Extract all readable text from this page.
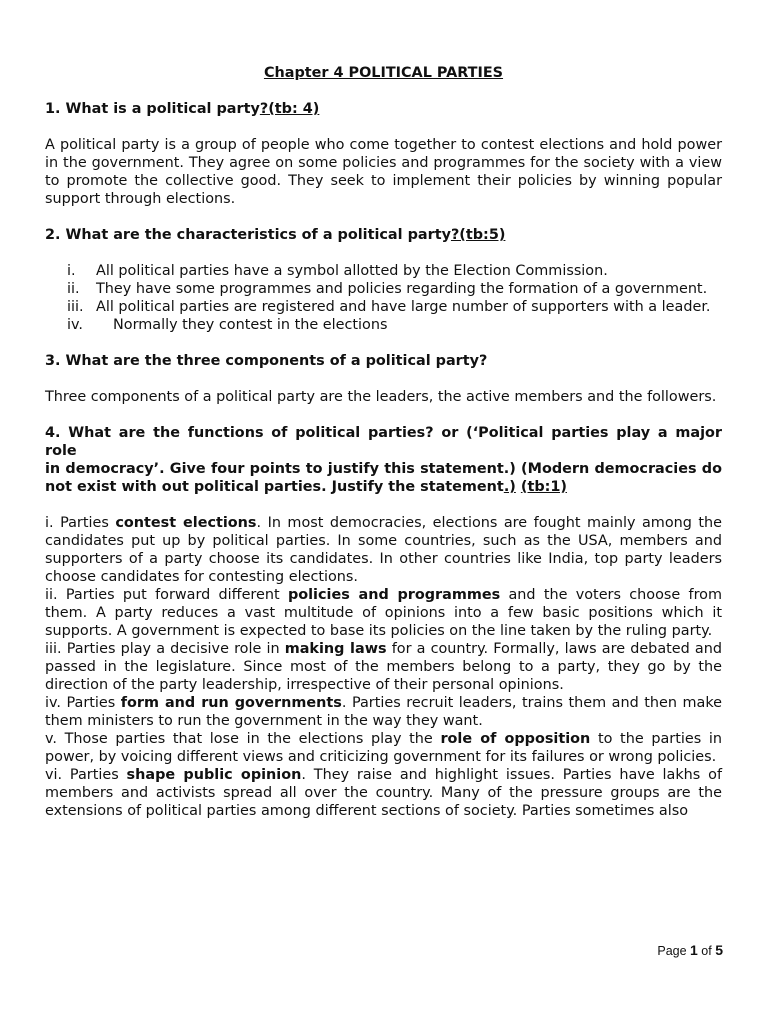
Chapter 4 POLITICAL PARTIES
1. What is a political party?(tb: 4)

A political party is a group of people who come together to contest elections and hold power in the government. They agree on some policies and programmes for the society with a view to promote the collective good. They seek to implement their policies by winning popular support through elections.

2. What are the characteristics of a political party?(tb:5)
i. All political parties have a symbol allotted by the Election Commission.
ii. They have some programmes and policies regarding the formation of a government.
iii. All political parties are registered and have large number of supporters with a leader.
iv. Normally they contest in the elections
3. What are the three components of a political party?

Three components of a political party are the leaders, the active members and the followers.

4. What are the functions of political parties? or (‘Political parties play a major role
in democracy’. Give four points to justify this statement.) (Modern democracies do not exist with out political parties. Justify the statement.) (tb:1)
i. Parties contest elections. In most democracies, elections are fought mainly among the candidates put up by political parties. In some countries, such as the USA, members and supporters of a party choose its candidates. In other countries like India, top party leaders choose candidates for contesting elections.
ii. Parties put forward different policies and programmes and the voters choose from them. A party reduces a vast multitude of opinions into a few basic positions which it supports. A government is expected to base its policies on the line taken by the ruling party.
iii. Parties play a decisive role in making laws for a country. Formally, laws are debated and passed in the legislature. Since most of the members belong to a party, they go by the direction of the party leadership, irrespective of their personal opinions.
iv. Parties form and run governments. Parties recruit leaders, trains them and then make them ministers to run the government in the way they want.
v. Those parties that lose in the elections play the role of opposition to the parties in power, by voicing different views and criticizing government for its failures or wrong policies.
vi. Parties shape public opinion. They raise and highlight issues. Parties have lakhs of members and activists spread all over the country. Many of the pressure groups are the extensions of political parties among different sections of society. Parties sometimes also
Page 1 of 5
